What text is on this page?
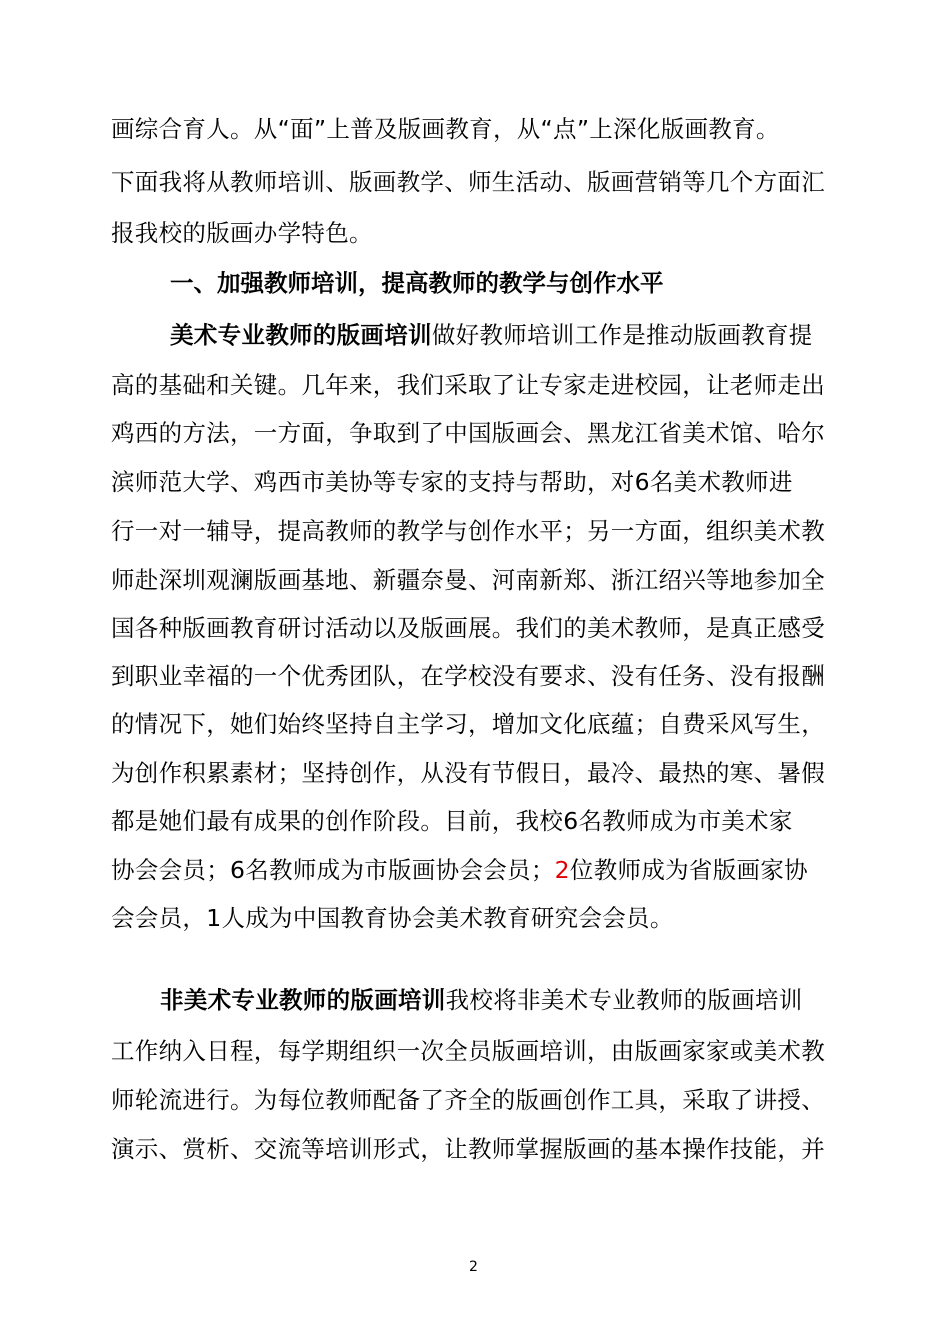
画综合育人。从“面”上普及版画教育，从“点”上深化版画教育。
下面我将从教师培训、版画教学、师生活动、版画营销等几个方面汇
报我校的版画办学特色。
一、加强教师培训，提高教师的教学与创作水平
美术专业教师的版画培训做好教师培训工作是推动版画教育提
高的基础和关键。几年来，我们采取了让专家走进校园，让老师走出
鸡西的方法，一方面，争取到了中国版画会、黑龙江省美术馆、哈尔
滨师范大学、鸡西市美协等专家的支持与帮助，对6名美术教师进
行一对一辅导，提高教师的教学与创作水平；另一方面，组织美术教
师赴深圳观澜版画基地、新疆奈曼、河南新郑、浙江绍兴等地参加全
国各种版画教育研讨活动以及版画展。我们的美术教师，是真正感受
到职业幸福的一个优秀团队，在学校没有要求、没有任务、没有报酬
的情况下，她们始终坚持自主学习，增加文化底蕴；自费采风写生，
为创作积累素材；坚持创作，从没有节假日，最冷、最热的寒、暑假
都是她们最有成果的创作阶段。目前，我校6名教师成为市美术家
协会会员；6名教师成为市版画协会会员；2位教师成为省版画家协
会会员，1人成为中国教育协会美术教育研究会会员。
非美术专业教师的版画培训我校将非美术专业教师的版画培训
工作纳入日程，每学期组织一次全员版画培训，由版画家家或美术教
师轮流进行。为每位教师配备了齐全的版画创作工具，采取了讲授、
演示、赏析、交流等培训形式，让教师掌握版画的基本操作技能，并
2
